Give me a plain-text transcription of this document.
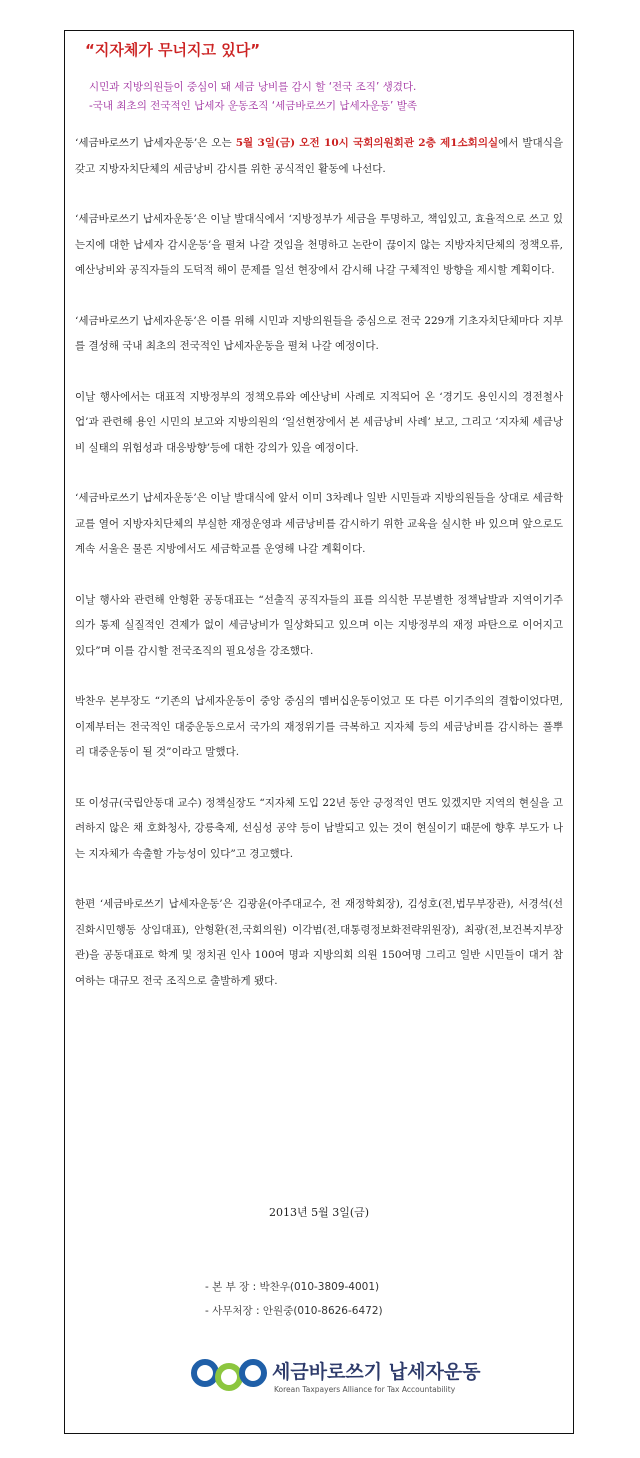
“지자체가 무너지고 있다”
시민과 지방의원들이 중심이 돼 세금 낭비를 감시 할 ‘전국 조직’ 생겼다.
-국내 최초의 전국적인 납세자 운동조직 ‘세금바로쓰기 납세자운동’ 발족

‘세금바로쓰기 납세자운동’은 오는 5월 3일(금) 오전 10시 국회의원회관 2층 제1소회의실에서 발대식을 갖고 지방자치단체의 세금낭비 감시를 위한 공식적인 활동에 나선다.

‘세금바로쓰기 납세자운동’은 이날 발대식에서 ‘지방정부가 세금을 투명하고, 책임있고, 효율적으로 쓰고 있는지에 대한 납세자 감시운동’을 펼쳐 나갈 것임을 천명하고 논란이 끊이지 않는 지방자치단체의 정책오류, 예산낭비와 공직자들의 도덕적 해이 문제를 일선 현장에서 감시해 나갈 구체적인 방향을 제시할 계획이다.

‘세금바로쓰기 납세자운동’은 이를 위해 시민과 지방의원들을 중심으로 전국 229개 기초자치단체마다 지부를 결성해 국내 최초의 전국적인 납세자운동을 펼쳐 나갈 예정이다.

이날 행사에서는 대표적 지방정부의 정책오류와 예산낭비 사례로 지적되어 온 ‘경기도 용인시의 경전철사업’과 관련해 용인 시민의 보고와 지방의원의 ‘일선현장에서 본 세금낭비 사례’ 보고, 그리고 ‘지자체 세금낭비 실태의 위험성과 대응방향’등에 대한 강의가 있을 예정이다.

‘세금바로쓰기 납세자운동’은 이날 발대식에 앞서 이미 3차례나 일반 시민들과 지방의원들을 상대로 세금학교를 열어 지방자치단체의 부실한 재정운영과 세금낭비를 감시하기 위한 교육을 실시한 바 있으며 앞으로도 계속 서울은 물론 지방에서도 세금학교를 운영해 나갈 계획이다.

이날 행사와 관련해 안형환 공동대표는 “선출직 공직자들의 표를 의식한 무분별한 정책남발과 지역이기주의가 통제 실질적인 견제가 없이 세금낭비가 일상화되고 있으며 이는 지방정부의 재정 파탄으로 이어지고 있다”며 이를 감시할 전국조직의 필요성을 강조했다.

박찬우 본부장도 “기존의 납세자운동이 중앙 중심의 멤버십운동이었고 또 다른 이기주의의 결합이었다면, 이제부터는 전국적인 대중운동으로서 국가의 재정위기를 극복하고 지자체 등의 세금낭비를 감시하는 풀뿌리 대중운동이 될 것”이라고 말했다.

또 이성규(국립안동대 교수) 정책실장도 “지자체 도입 22년 동안 긍정적인 면도 있겠지만 지역의 현실을 고려하지 않은 채 호화청사, 강릉축제, 선심성 공약 등이 남발되고 있는 것이 현실이기 때문에 향후 부도가 나는 지자체가 속출할 가능성이 있다”고 경고했다.

한편 ‘세금바로쓰기 납세자운동’은 김광윤(아주대교수, 전 재정학회장), 김성호(전,법무부장관), 서경석(선진화시민행동 상임대표), 안형환(전,국회의원) 이각범(전,대통령정보화전략위원장), 최광(전,보건복지부장관)을 공동대표로 학계 및 정치권 인사 100여 명과 지방의회 의원 150여명 그리고 일반 시민들이 대거 참여하는 대규모 전국 조직으로 출발하게 됐다.

2013년 5월 3일(금)
- 본 부 장 : 박찬우(010-3809-4001)
- 사무처장 : 안원중(010-8626-6472)
세금바로쓰기 납세자운동
Korean Taxpayers Alliance for Tax Accountability
